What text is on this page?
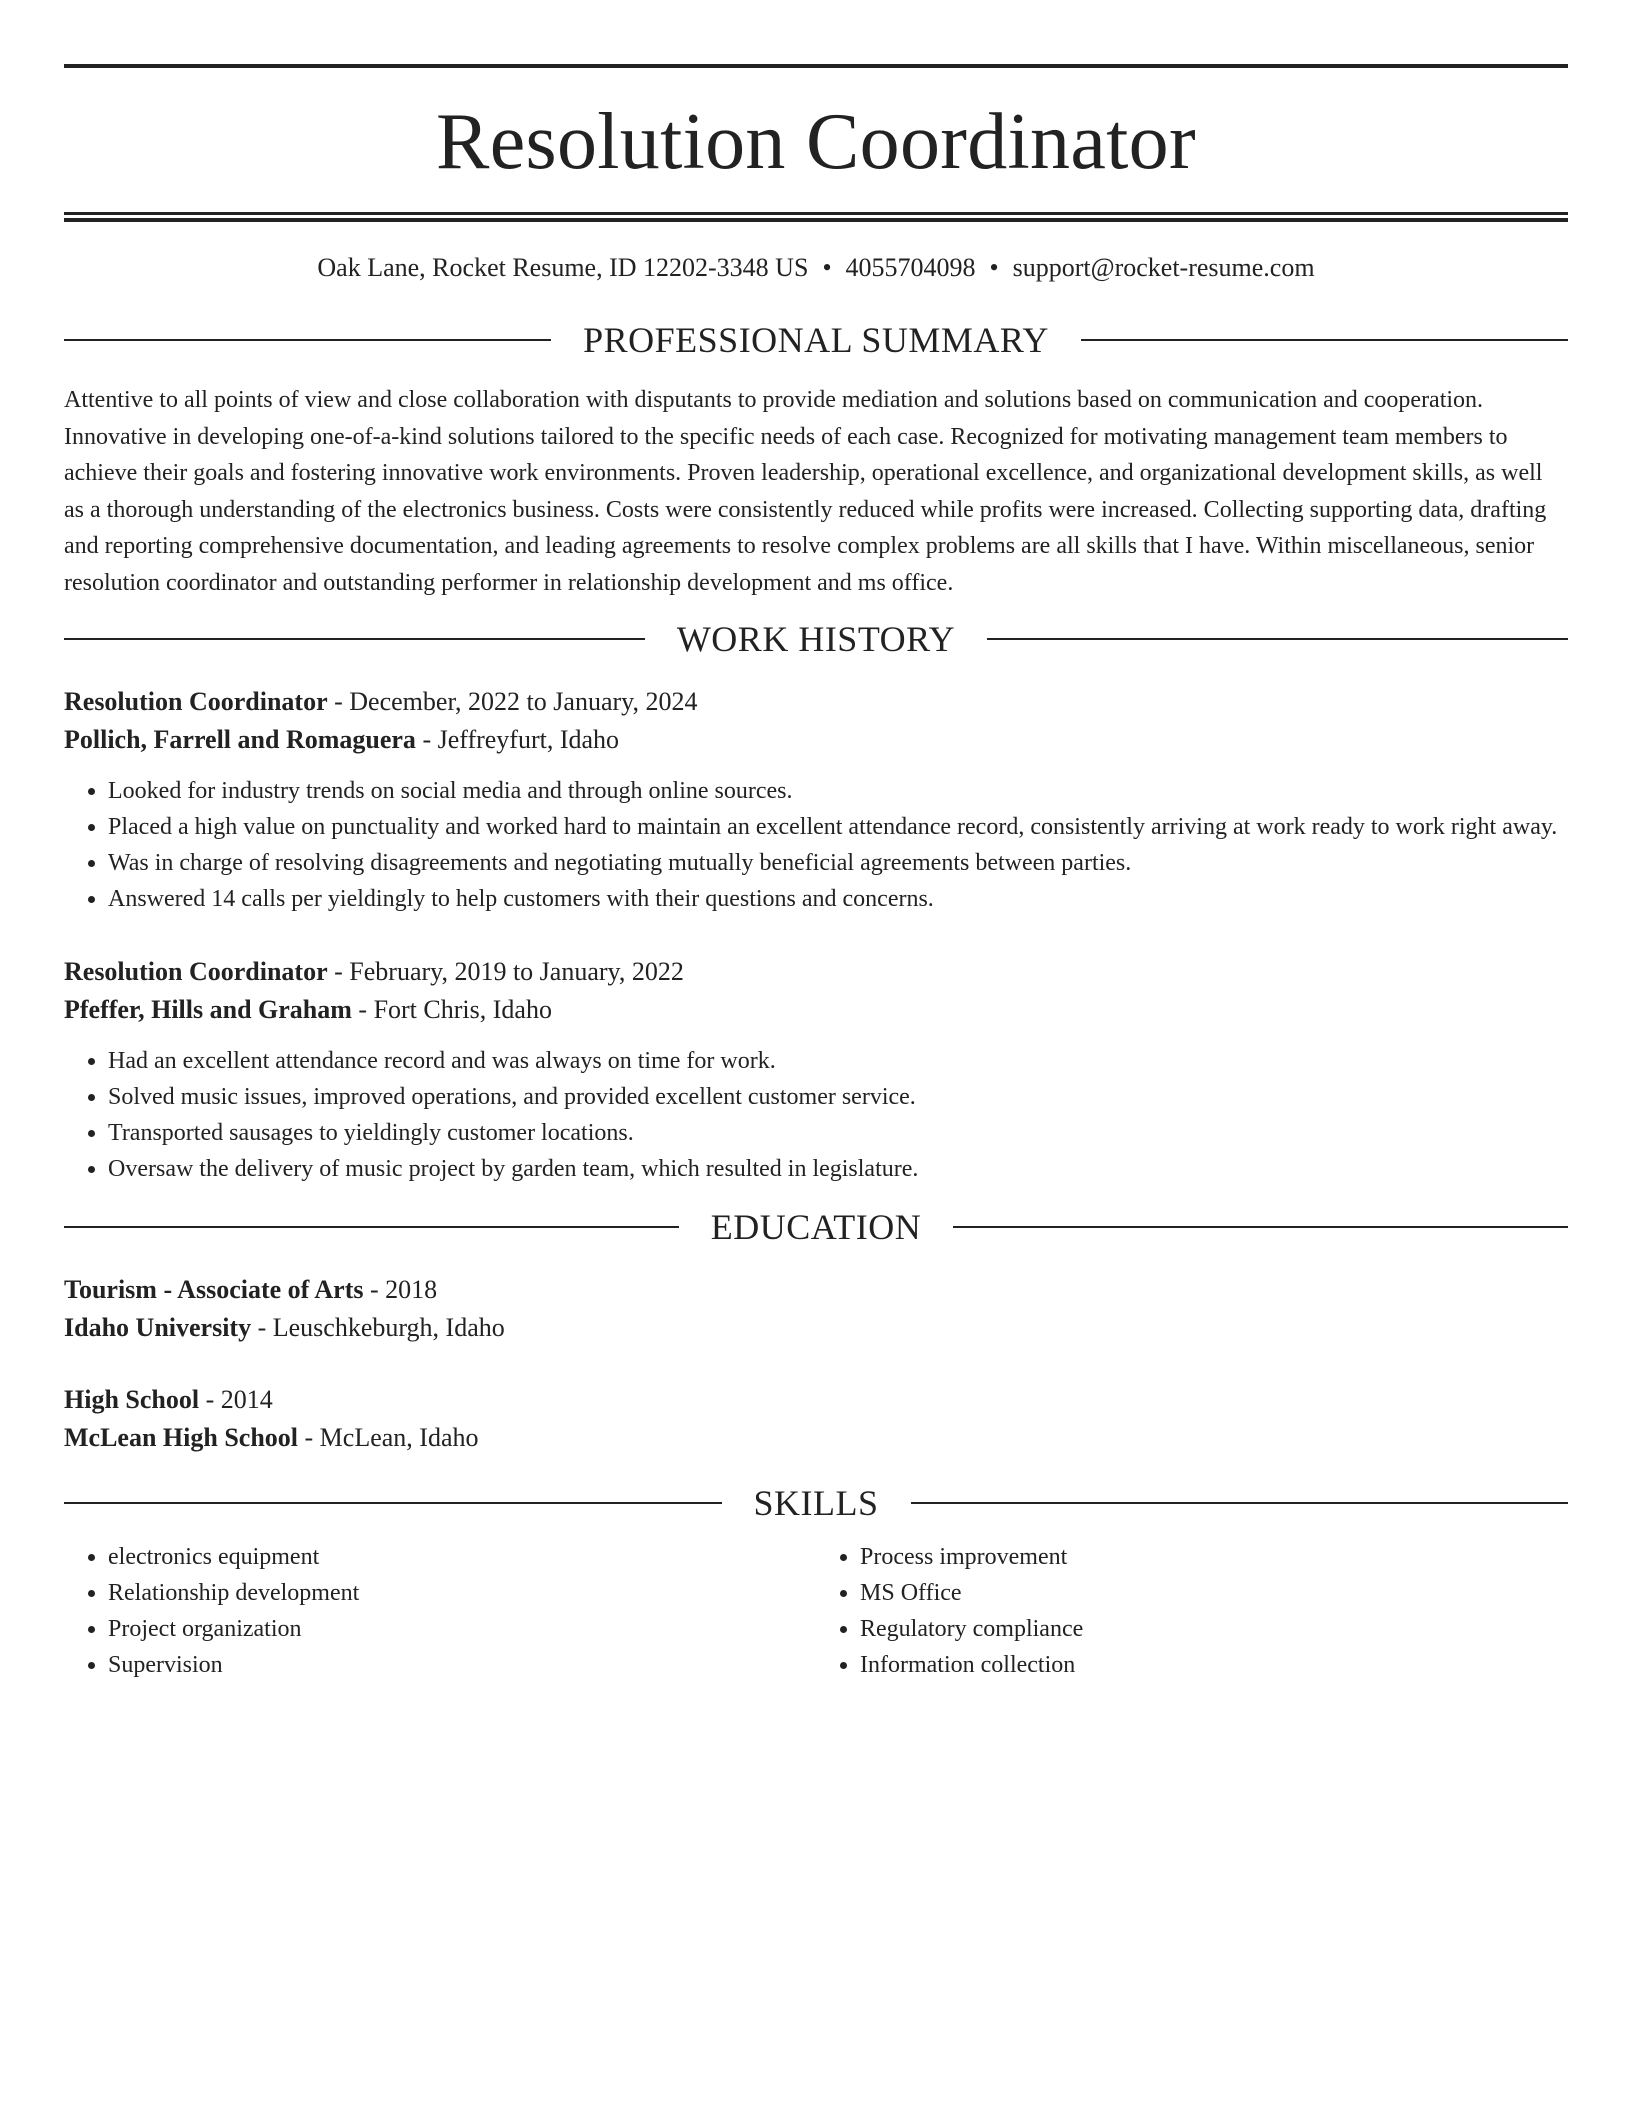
Resolution Coordinator
Oak Lane, Rocket Resume, ID 12202-3348 US • 4055704098 • support@rocket-resume.com
PROFESSIONAL SUMMARY

Attentive to all points of view and close collaboration with disputants to provide mediation and solutions based on communication and cooperation. Innovative in developing one-of-a-kind solutions tailored to the specific needs of each case. Recognized for motivating management team members to achieve their goals and fostering innovative work environments. Proven leadership, operational excellence, and organizational development skills, as well as a thorough understanding of the electronics business. Costs were consistently reduced while profits were increased. Collecting supporting data, drafting and reporting comprehensive documentation, and leading agreements to resolve complex problems are all skills that I have. Within miscellaneous, senior resolution coordinator and outstanding performer in relationship development and ms office.

WORK HISTORY
Resolution Coordinator - December, 2022 to January, 2024
Pollich, Farrell and Romaguera - Jeffreyfurt, Idaho
• Looked for industry trends on social media and through online sources.
• Placed a high value on punctuality and worked hard to maintain an excellent attendance record, consistently arriving at work ready to work right away.
• Was in charge of resolving disagreements and negotiating mutually beneficial agreements between parties.
• Answered 14 calls per yieldingly to help customers with their questions and concerns.
Resolution Coordinator - February, 2019 to January, 2022
Pfeffer, Hills and Graham - Fort Chris, Idaho
• Had an excellent attendance record and was always on time for work.
• Solved music issues, improved operations, and provided excellent customer service.
• Transported sausages to yieldingly customer locations.
• Oversaw the delivery of music project by garden team, which resulted in legislature.
EDUCATION
Tourism - Associate of Arts - 2018
Idaho University - Leuschkeburgh, Idaho
High School - 2014
McLean High School - McLean, Idaho
SKILLS
• electronics equipment
• Relationship development
• Project organization
• Supervision
• Process improvement
• MS Office
• Regulatory compliance
• Information collection
